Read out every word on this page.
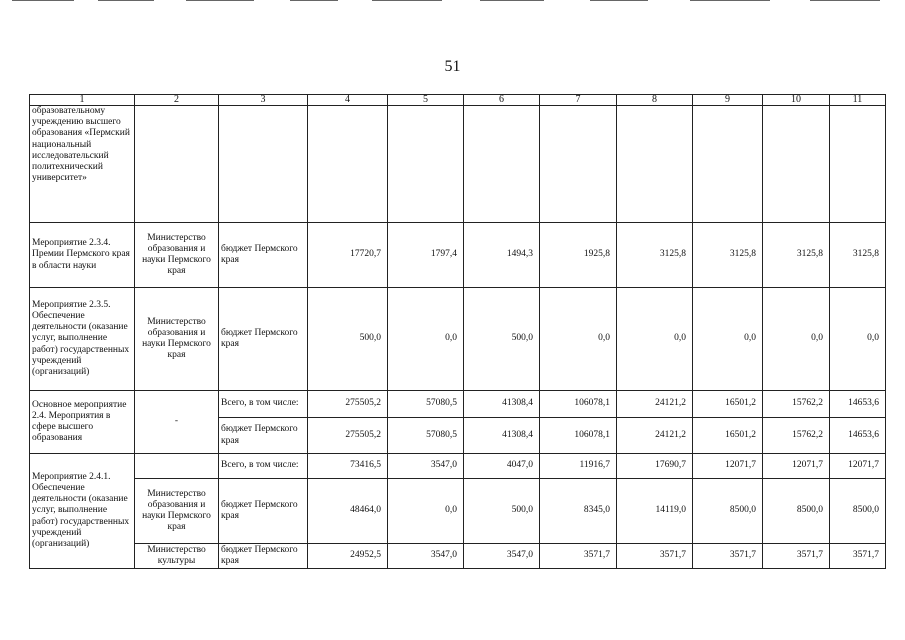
51
1	2	3	4	5	6	7	8	9	10	11
образовательному учреждению высшего образования «Пермский национальный исследовательский политехнический университет»										
Мероприятие 2.3.4. Премии Пермского края в области науки	Министерство образования и науки Пермского края	бюджет Пермского края	17720,7	1797,4	1494,3	1925,8	3125,8	3125,8	3125,8	3125,8
Мероприятие 2.3.5. Обеспечение деятельности (оказание услуг, выполнение работ) государственных учреждений (организаций)	Министерство образования и науки Пермского края	бюджет Пермского края	500,0	0,0	500,0	0,0	0,0	0,0	0,0	0,0
Основное мероприятие 2.4. Мероприятия в сфере высшего образования	-	Всего, в том числе:	275505,2	57080,5	41308,4	106078,1	24121,2	16501,2	15762,2	14653,6
		бюджет Пермского края	275505,2	57080,5	41308,4	106078,1	24121,2	16501,2	15762,2	14653,6
Мероприятие 2.4.1. Обеспечение деятельности (оказание услуг, выполнение работ) государственных учреждений (организаций)		Всего, в том числе:	73416,5	3547,0	4047,0	11916,7	17690,7	12071,7	12071,7	12071,7
	Министерство образования и науки Пермского края	бюджет Пермского края	48464,0	0,0	500,0	8345,0	14119,0	8500,0	8500,0	8500,0
	Министерство культуры	бюджет Пермского края	24952,5	3547,0	3547,0	3571,7	3571,7	3571,7	3571,7	3571,7
